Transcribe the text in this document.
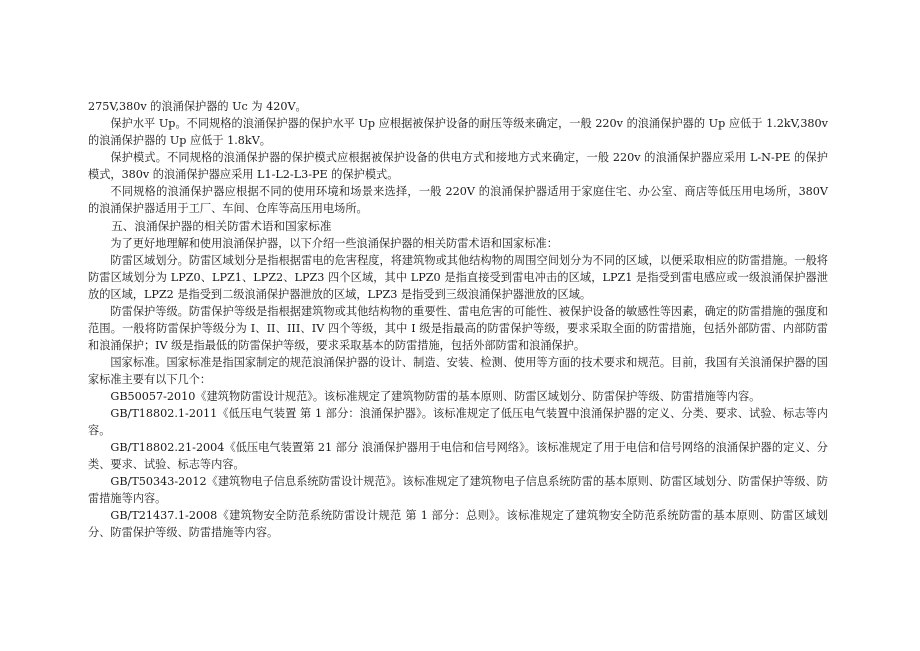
275V,380v 的浪涌保护器的 Uc 为 420V。

保护水平 Up。不同规格的浪涌保护器的保护水平 Up 应根据被保护设备的耐压等级来确定，一般 220v 的浪涌保护器的 Up 应低于 1.2kV,380v 的浪涌保护器的 Up 应低于 1.8kV。

保护模式。不同规格的浪涌保护器的保护模式应根据被保护设备的供电方式和接地方式来确定，一般 220v 的浪涌保护器应采用 L-N-PE 的保护模式，380v 的浪涌保护器应采用 L1-L2-L3-PE 的保护模式。

不同规格的浪涌保护器应根据不同的使用环境和场景来选择，一般 220V 的浪涌保护器适用于家庭住宅、办公室、商店等低压用电场所，380V 的浪涌保护器适用于工厂、车间、仓库等高压用电场所。

五、浪涌保护器的相关防雷术语和国家标准

为了更好地理解和使用浪涌保护器，以下介绍一些浪涌保护器的相关防雷术语和国家标准：

防雷区域划分。防雷区域划分是指根据雷电的危害程度，将建筑物或其他结构物的周围空间划分为不同的区域，以便采取相应的防雷措施。一般将防雷区域划分为 LPZ0、LPZ1、LPZ2、LPZ3 四个区域，其中 LPZ0 是指直接受到雷电冲击的区域，LPZ1 是指受到雷电感应或一级浪涌保护器泄放的区域，LPZ2 是指受到二级浪涌保护器泄放的区域，LPZ3 是指受到三级浪涌保护器泄放的区域。

防雷保护等级。防雷保护等级是指根据建筑物或其他结构物的重要性、雷电危害的可能性、被保护设备的敏感性等因素，确定的防雷措施的强度和范围。一般将防雷保护等级分为 I、II、III、IV 四个等级，其中 I 级是指最高的防雷保护等级，要求采取全面的防雷措施，包括外部防雷、内部防雷和浪涌保护；IV 级是指最低的防雷保护等级，要求采取基本的防雷措施，包括外部防雷和浪涌保护。

国家标准。国家标准是指国家制定的规范浪涌保护器的设计、制造、安装、检测、使用等方面的技术要求和规范。目前，我国有关浪涌保护器的国家标准主要有以下几个：

GB50057-2010《建筑物防雷设计规范》。该标准规定了建筑物防雷的基本原则、防雷区域划分、防雷保护等级、防雷措施等内容。

GB/T18802.1-2011《低压电气装置 第 1 部分：浪涌保护器》。该标准规定了低压电气装置中浪涌保护器的定义、分类、要求、试验、标志等内容。

GB/T18802.21-2004《低压电气装置第 21 部分 浪涌保护器用于电信和信号网络》。该标准规定了用于电信和信号网络的浪涌保护器的定义、分类、要求、试验、标志等内容。

GB/T50343-2012《建筑物电子信息系统防雷设计规范》。该标准规定了建筑物电子信息系统防雷的基本原则、防雷区域划分、防雷保护等级、防雷措施等内容。

GB/T21437.1-2008《建筑物安全防范系统防雷设计规范 第 1 部分：总则》。该标准规定了建筑物安全防范系统防雷的基本原则、防雷区域划分、防雷保护等级、防雷措施等内容。
